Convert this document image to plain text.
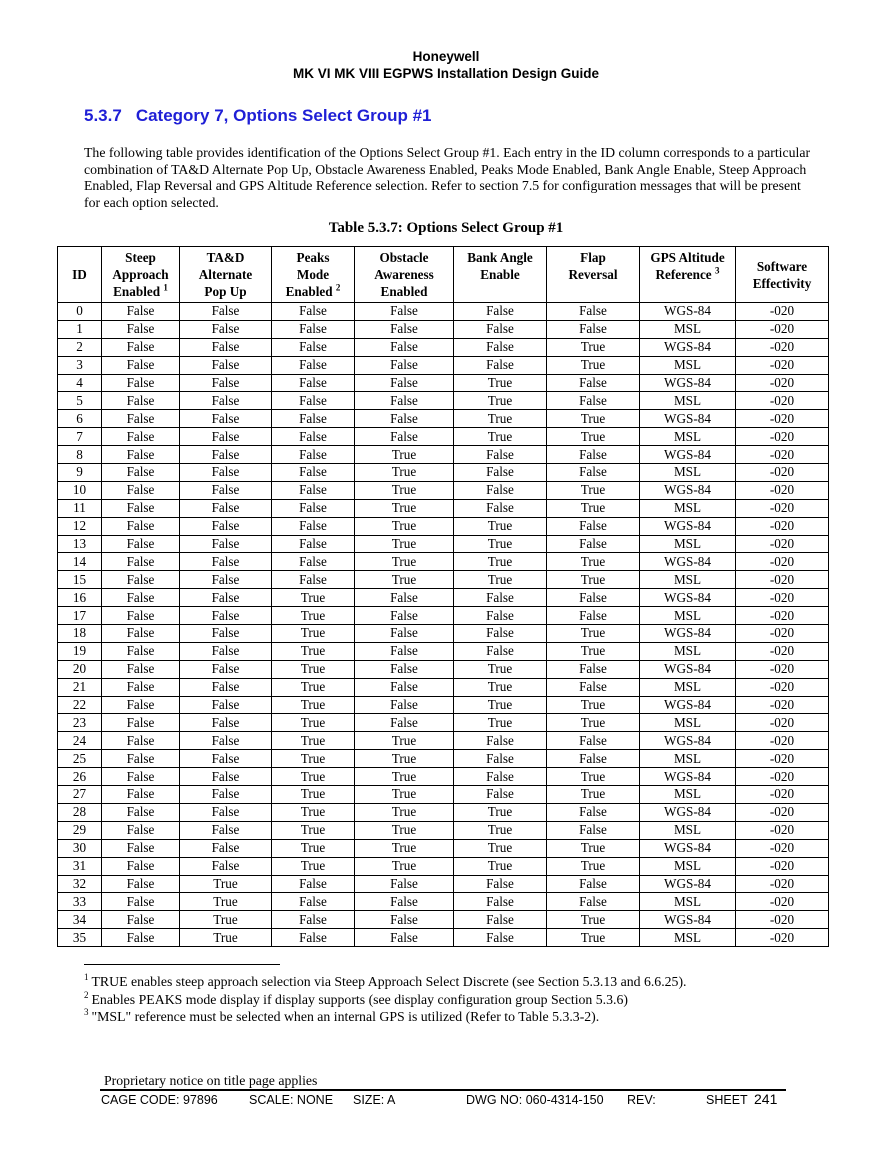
Honeywell
MK VI MK VIII EGPWS Installation Design Guide
5.3.7 Category 7, Options Select Group #1
The following table provides identification of the Options Select Group #1. Each entry in the ID column corresponds to a particular combination of TA&D Alternate Pop Up, Obstacle Awareness Enabled, Peaks Mode Enabled, Bank Angle Enable, Steep Approach Enabled, Flap Reversal and GPS Altitude Reference selection. Refer to section 7.5 for configuration messages that will be present for each option selected.
Table 5.3.7: Options Select Group #1
ID	Steep
Approach
Enabled $^1$	TA&D
Alternate
Pop Up	Peaks
Mode
Enabled $^2$	Obstacle
Awareness
Enabled	Bank Angle
Enable	Flap
Reversal	GPS Altitude
Reference $^3$	Software
Effectivity
0	False	False	False	False	False	False	WGS-84	-020
1	False	False	False	False	False	False	MSL	-020
2	False	False	False	False	False	True	WGS-84	-020
3	False	False	False	False	False	True	MSL	-020
4	False	False	False	False	True	False	WGS-84	-020
5	False	False	False	False	True	False	MSL	-020
6	False	False	False	False	True	True	WGS-84	-020
7	False	False	False	False	True	True	MSL	-020
8	False	False	False	True	False	False	WGS-84	-020
9	False	False	False	True	False	False	MSL	-020
10	False	False	False	True	False	True	WGS-84	-020
11	False	False	False	True	False	True	MSL	-020
12	False	False	False	True	True	False	WGS-84	-020
13	False	False	False	True	True	False	MSL	-020
14	False	False	False	True	True	True	WGS-84	-020
15	False	False	False	True	True	True	MSL	-020
16	False	False	True	False	False	False	WGS-84	-020
17	False	False	True	False	False	False	MSL	-020
18	False	False	True	False	False	True	WGS-84	-020
19	False	False	True	False	False	True	MSL	-020
20	False	False	True	False	True	False	WGS-84	-020
21	False	False	True	False	True	False	MSL	-020
22	False	False	True	False	True	True	WGS-84	-020
23	False	False	True	False	True	True	MSL	-020
24	False	False	True	True	False	False	WGS-84	-020
25	False	False	True	True	False	False	MSL	-020
26	False	False	True	True	False	True	WGS-84	-020
27	False	False	True	True	False	True	MSL	-020
28	False	False	True	True	True	False	WGS-84	-020
29	False	False	True	True	True	False	MSL	-020
30	False	False	True	True	True	True	WGS-84	-020
31	False	False	True	True	True	True	MSL	-020
32	False	True	False	False	False	False	WGS-84	-020
33	False	True	False	False	False	False	MSL	-020
34	False	True	False	False	False	True	WGS-84	-020
35	False	True	False	False	False	True	MSL	-020
$^1$ TRUE enables steep approach selection via Steep Approach Select Discrete (see Section 5.3.13 and 6.6.25).
$^2$ Enables PEAKS mode display if display supports (see display configuration group Section 5.3.6)
$^3$ "MSL" reference must be selected when an internal GPS is utilized (Refer to Table 5.3.3-2).
Proprietary notice on title page applies
CAGE CODE: 97896	SCALE: NONE SIZE: A	DWG NO: 060-4314-150 REV:	SHEET 241
